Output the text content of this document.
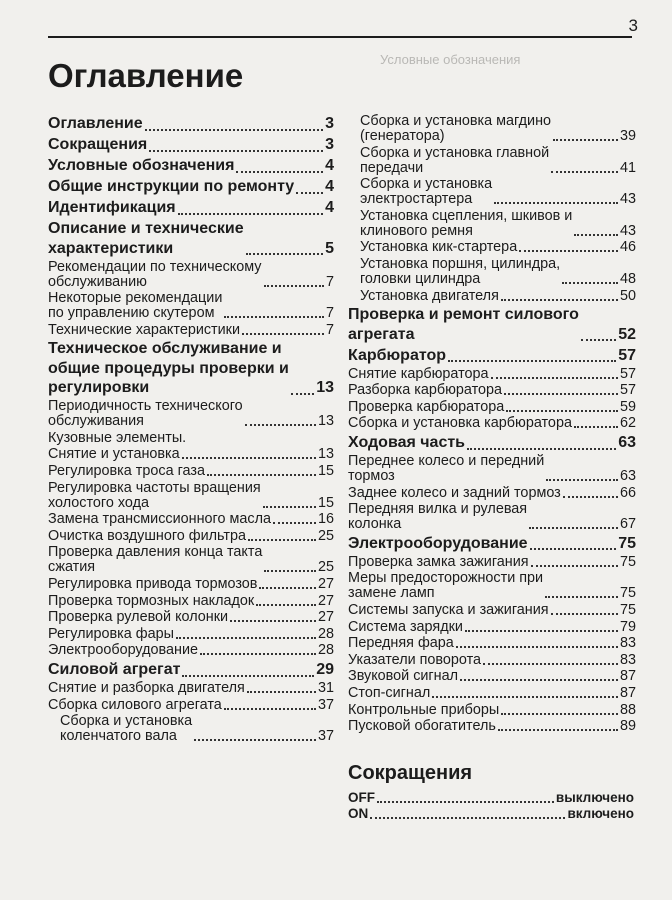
Условные обозначения
3
Оглавление
Оглавление	3
Сокращения	3
Условные обозначения	4
Общие инструкции по ремонту 4
Идентификация	4
Описание и технические
характеристики	5
Рекомендации по техническому
обслуживанию	7
Некоторые рекомендации
по управлению скутером	7
Технические характеристики	7
Техническое обслуживание и
общие процедуры проверки и
регулировки	13
Периодичность технического
обслуживания	13
Кузовные элементы.
Снятие и установка	13
Регулировка троса газа	15
Регулировка частоты вращения
холостого хода	15
Замена трансмиссионного масла	16
Очистка воздушного фильтра	25
Проверка давления конца такта
сжатия	25
Регулировка привода тормозов	27
Проверка тормозных накладок	27
Проверка рулевой колонки	27
Регулировка фары	28
Электрооборудование	28
Силовой агрегат	29
Снятие и разборка двигателя	31
Сборка силового агрегата	37
Сборка и установка
коленчатого вала	37
Сборка и установка магдино
(генератора)	39
Сборка и установка главной
передачи	41
Сборка и установка
электростартера	43
Установка сцепления, шкивов и
клинового ремня	43
Установка кик-стартера	46
Установка поршня, цилиндра,
головки цилиндра	48
Установка двигателя	50
Проверка и ремонт силового
агрегата	52
Карбюратор	57
Снятие карбюратора	57
Разборка карбюратора	57
Проверка карбюратора	59
Сборка и установка карбюратора	62
Ходовая часть	63
Переднее колесо и передний
тормоз	63
Заднее колесо и задний тормоз	66
Передняя вилка и рулевая
колонка	67
Электрооборудование	75
Проверка замка зажигания	75
Меры предосторожности при
замене ламп	75
Системы запуска и зажигания	75
Система зарядки	79
Передняя фара	83
Указатели поворота	83
Звуковой сигнал	87
Стоп-сигнал	87
Контрольные приборы	88
Пусковой обогатитель	89
Сокращения
OFF	выключено
ON	включено
